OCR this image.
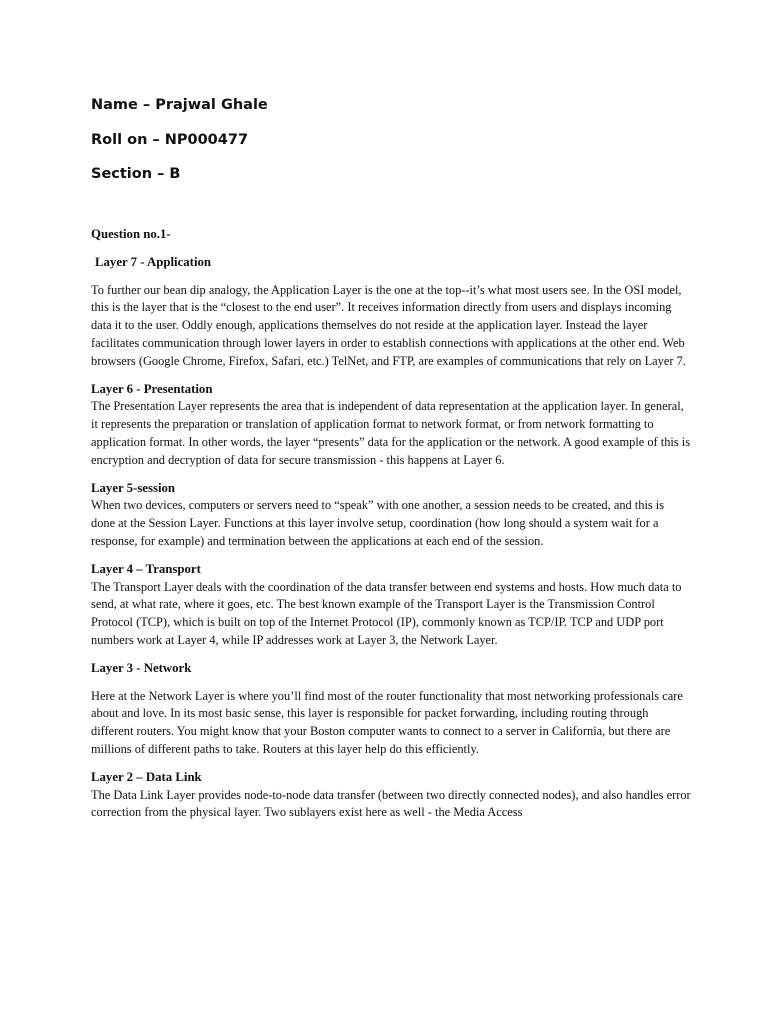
Name – Prajwal Ghale

Roll on – NP000477

Section – B

Question no.1-

Layer 7 - Application

To further our bean dip analogy, the Application Layer is the one at the top--it’s what most users see. In the OSI model, this is the layer that is the “closest to the end user”. It receives information directly from users and displays incoming data it to the user. Oddly enough, applications themselves do not reside at the application layer. Instead the layer facilitates communication through lower layers in order to establish connections with applications at the other end. Web browsers (Google Chrome, Firefox, Safari, etc.) TelNet, and FTP, are examples of communications that rely on Layer 7.

Layer 6 - Presentation

The Presentation Layer represents the area that is independent of data representation at the application layer. In general, it represents the preparation or translation of application format to network format, or from network formatting to application format. In other words, the layer “presents” data for the application or the network. A good example of this is encryption and decryption of data for secure transmission - this happens at Layer 6.

Layer 5-session

When two devices, computers or servers need to “speak” with one another, a session needs to be created, and this is done at the Session Layer. Functions at this layer involve setup, coordination (how long should a system wait for a response, for example) and termination between the applications at each end of the session.

Layer 4 – Transport

The Transport Layer deals with the coordination of the data transfer between end systems and hosts. How much data to send, at what rate, where it goes, etc. The best known example of the Transport Layer is the Transmission Control Protocol (TCP), which is built on top of the Internet Protocol (IP), commonly known as TCP/IP. TCP and UDP port numbers work at Layer 4, while IP addresses work at Layer 3, the Network Layer.

Layer 3 - Network

Here at the Network Layer is where you’ll find most of the router functionality that most networking professionals care about and love. In its most basic sense, this layer is responsible for packet forwarding, including routing through different routers. You might know that your Boston computer wants to connect to a server in California, but there are millions of different paths to take. Routers at this layer help do this efficiently.

Layer 2 – Data Link

The Data Link Layer provides node-to-node data transfer (between two directly connected nodes), and also handles error correction from the physical layer. Two sublayers exist here as well - the Media Access
